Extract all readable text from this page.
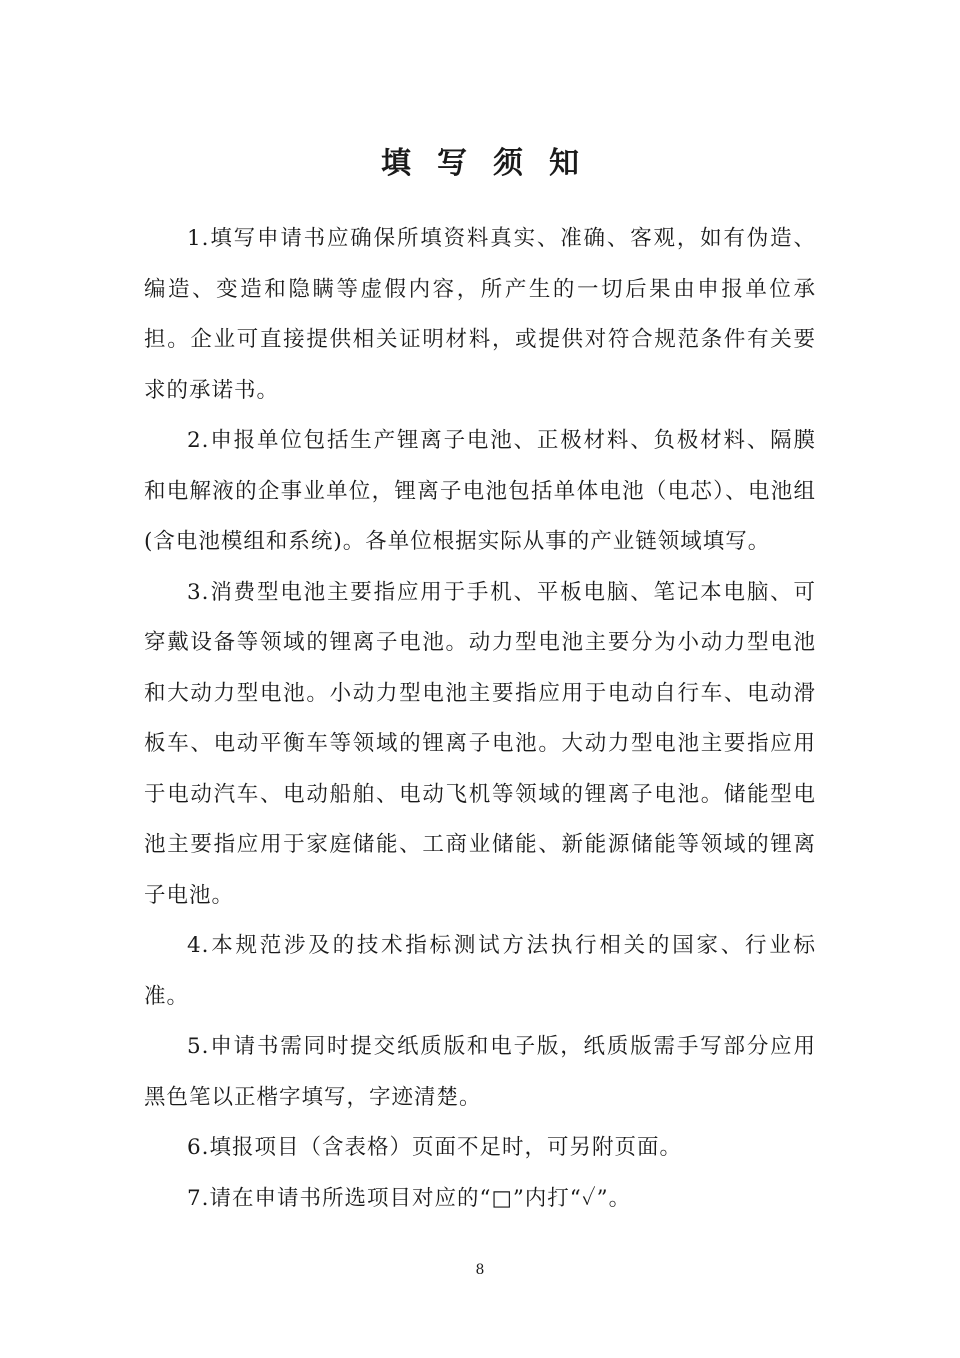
填写须知

1.填写申请书应确保所填资料真实、准确、客观，如有伪造、编造、变造和隐瞒等虚假内容，所产生的一切后果由申报单位承担。企业可直接提供相关证明材料，或提供对符合规范条件有关要求的承诺书。

2.申报单位包括生产锂离子电池、正极材料、负极材料、隔膜和电解液的企事业单位，锂离子电池包括单体电池（电芯）、电池组(含电池模组和系统)。各单位根据实际从事的产业链领域填写。

3.消费型电池主要指应用于手机、平板电脑、笔记本电脑、可穿戴设备等领域的锂离子电池。动力型电池主要分为小动力型电池和大动力型电池。小动力型电池主要指应用于电动自行车、电动滑板车、电动平衡车等领域的锂离子电池。大动力型电池主要指应用于电动汽车、电动船舶、电动飞机等领域的锂离子电池。储能型电池主要指应用于家庭储能、工商业储能、新能源储能等领域的锂离子电池。

4.本规范涉及的技术指标测试方法执行相关的国家、行业标准。

5.申请书需同时提交纸质版和电子版，纸质版需手写部分应用黑色笔以正楷字填写，字迹清楚。

6.填报项目（含表格）页面不足时，可另附页面。

7.请在申请书所选项目对应的“□”内打“✓”。

8
